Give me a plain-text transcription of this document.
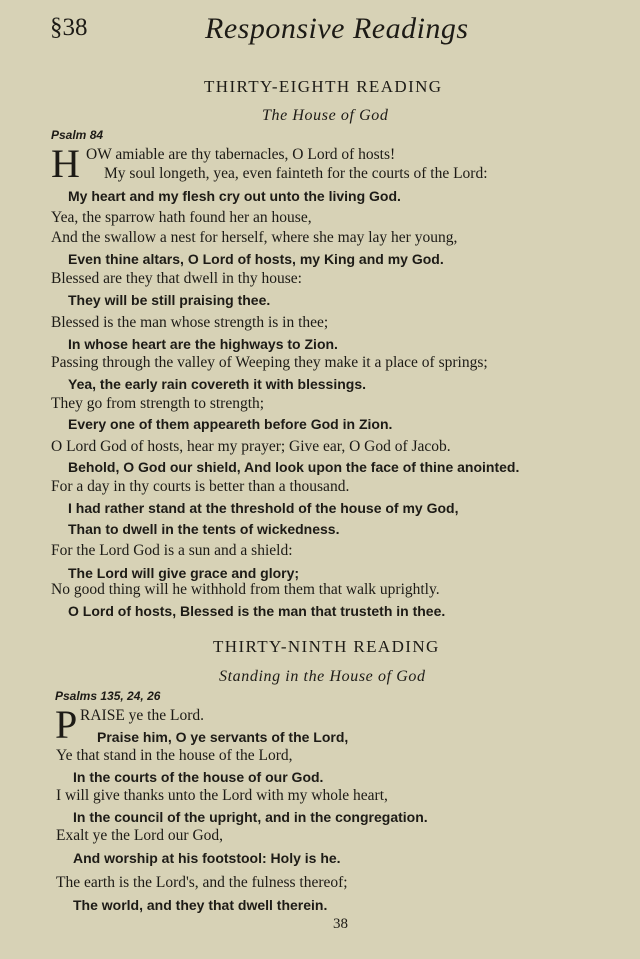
§38	Responsive Readings
THIRTY-EIGHTH READING
The House of God
Psalm 84
H OW amiable are thy tabernacles, O Lord of hosts!
My soul longeth, yea, even fainteth for the courts of the Lord:
My heart and my flesh cry out unto the living God.
Yea, the sparrow hath found her an house,
And the swallow a nest for herself, where she may lay her young,
Even thine altars, O Lord of hosts, my King and my God.
Blessed are they that dwell in thy house:
They will be still praising thee.
Blessed is the man whose strength is in thee;
In whose heart are the highways to Zion.
Passing through the valley of Weeping they make it a place of springs;
Yea, the early rain covereth it with blessings.
They go from strength to strength;
Every one of them appeareth before God in Zion.
O Lord God of hosts, hear my prayer; Give ear, O God of Jacob.
Behold, O God our shield, And look upon the face of thine anointed.
For a day in thy courts is better than a thousand.
I had rather stand at the threshold of the house of my God,
Than to dwell in the tents of wickedness.
For the Lord God is a sun and a shield:
The Lord will give grace and glory;
No good thing will he withhold from them that walk uprightly.
O Lord of hosts, Blessed is the man that trusteth in thee.
THIRTY-NINTH READING
Standing in the House of God
Psalms 135, 24, 26
P RAISE ye the Lord.
Praise him, O ye servants of the Lord,
Ye that stand in the house of the Lord,
In the courts of the house of our God.
I will give thanks unto the Lord with my whole heart,
In the council of the upright, and in the congregation.
Exalt ye the Lord our God,
And worship at his footstool: Holy is he.
The earth is the Lord's, and the fulness thereof;
The world, and they that dwell therein.
38
